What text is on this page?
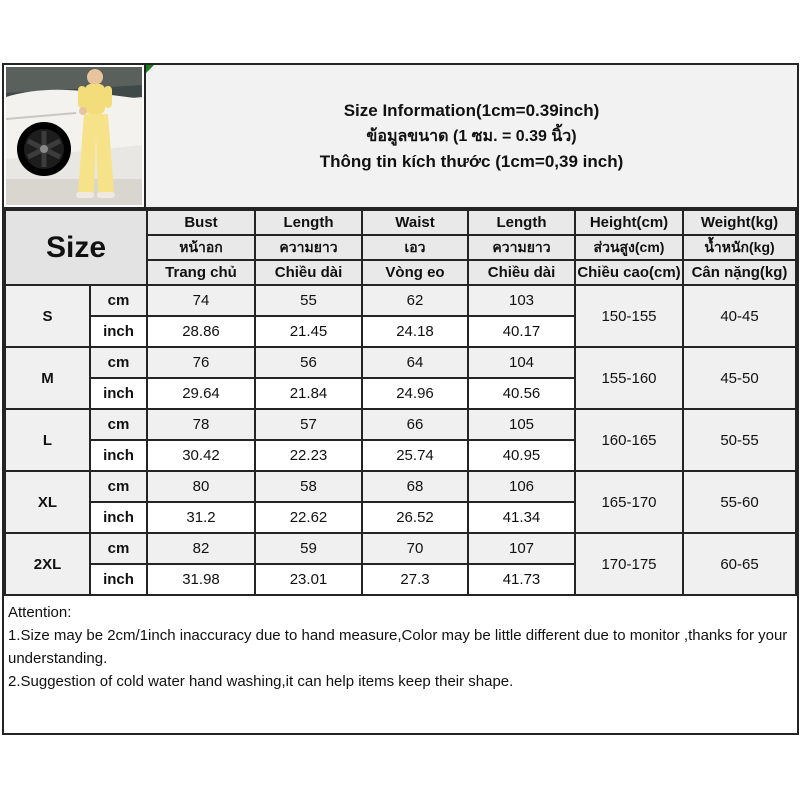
Size Information(1cm=0.39inch)
ข้อมูลขนาด (1 ซม. = 0.39 นิ้ว)
Thông tin kích thước (1cm=0,39 inch)
Size		Bust	Length	Waist	Length	Height(cm)	Weight(kg)
		หน้าอก	ความยาว	เอว	ความยาว	ส่วนสูง(cm)	น้ำหนัก(kg)
		Trang chủ	Chiều dài	Vòng eo	Chiều dài	Chiều cao(cm)	Cân nặng(kg)
S	cm	74	55	62	103	150-155	40-45
	inch	28.86	21.45	24.18	40.17		
M	cm	76	56	64	104	155-160	45-50
	inch	29.64	21.84	24.96	40.56		
L	cm	78	57	66	105	160-165	50-55
	inch	30.42	22.23	25.74	40.95		
XL	cm	80	58	68	106	165-170	55-60
	inch	31.2	22.62	26.52	41.34		
2XL	cm	82	59	70	107	170-175	60-65
	inch	31.98	23.01	27.3	41.73		
Attention:
1.Size may be 2cm/1inch inaccuracy due to hand measure,Color may be little different due to monitor ,thanks for your understanding.
2.Suggestion of cold water hand washing,it can help items keep their shape.
